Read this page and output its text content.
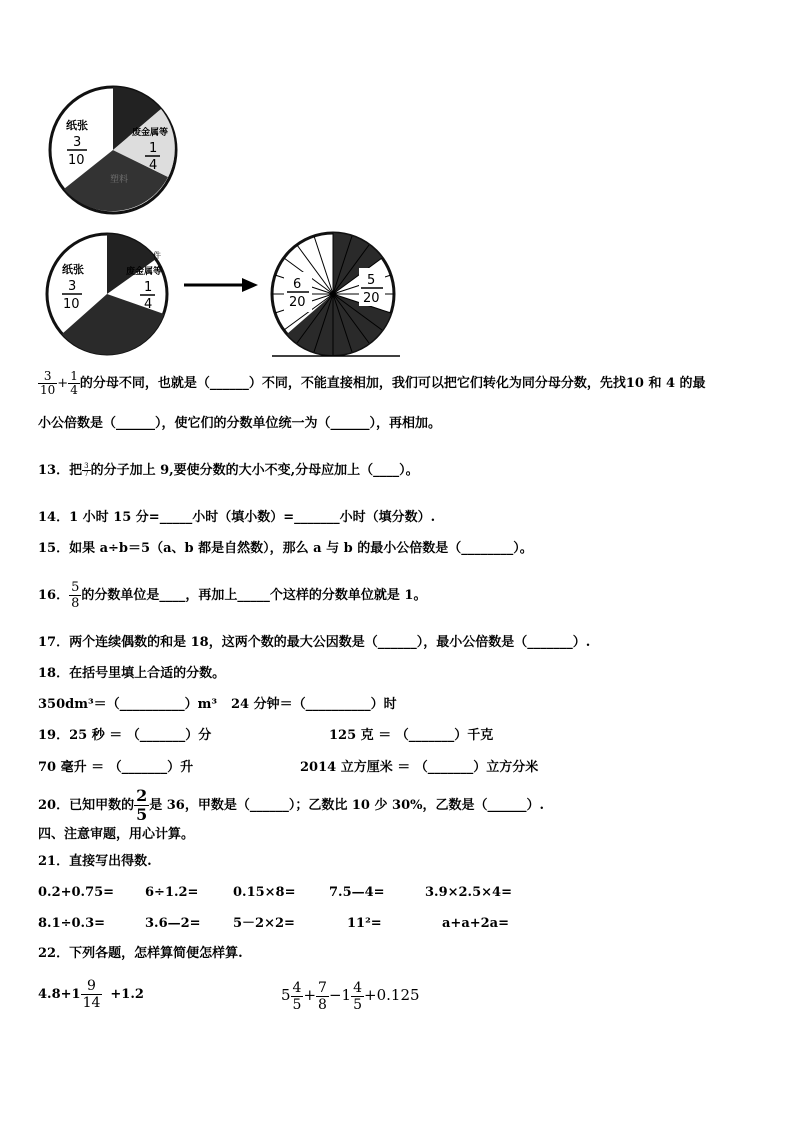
纸张
3
10
废金属等
1
4
塑料
纸张
3
10
废金属等
1
4
件
6
20
5
20
$\frac{3}{10} + \frac{1}{4}$ 的分母不同，也就是（______）不同，不能直接相加，我们可以把它们转化为同分母分数，先找10 和 4 的最
小公倍数是（______），使它们的分数单位统一为（______），再相加。
13．把 $\frac{3}{7}$ 的分子加上 9,要使分数的大小不变,分母应加上（____）。
14．1 小时 15 分=_____小时（填小数）=_______小时（填分数）.
15．如果 a÷b＝5（a、b 都是自然数），那么 a 与 b 的最小公倍数是（________）。
16． $\frac{5}{8}$ 的分数单位是____，再加上_____个这样的分数单位就是 1。
17．两个连续偶数的和是 18，这两个数的最大公因数是（______），最小公倍数是（_______）.
18．在括号里填上合适的分数。
350dm³＝（__________）m³ 24 分钟＝（__________）时
19．25 秒 ＝ （_______）分	125 克 ＝ （_______）千克
70 毫升 ＝ （_______）升	2014 立方厘米 ＝ （_______）立方分米
20．已知甲数的 $\frac{2}{5}$ 是 36，甲数是（______）；乙数比 10 少 30%，乙数是（______）.
四、注意审题，用心计算。
21．直接写出得数.
0.2+0.75= 6÷1.2=	0.15×8=	7.5—4=	3.9×2.5×4=
8.1÷0.3=	3.6—2= 5－2×2=	11²=	a+a+2a=
22．下列各题，怎样算简便怎样算.
$4.8+1 \frac{9}{14} +1.2$	$5 \frac{4}{5} + \frac{7}{8} -1 \frac{4}{5} +0.125$
